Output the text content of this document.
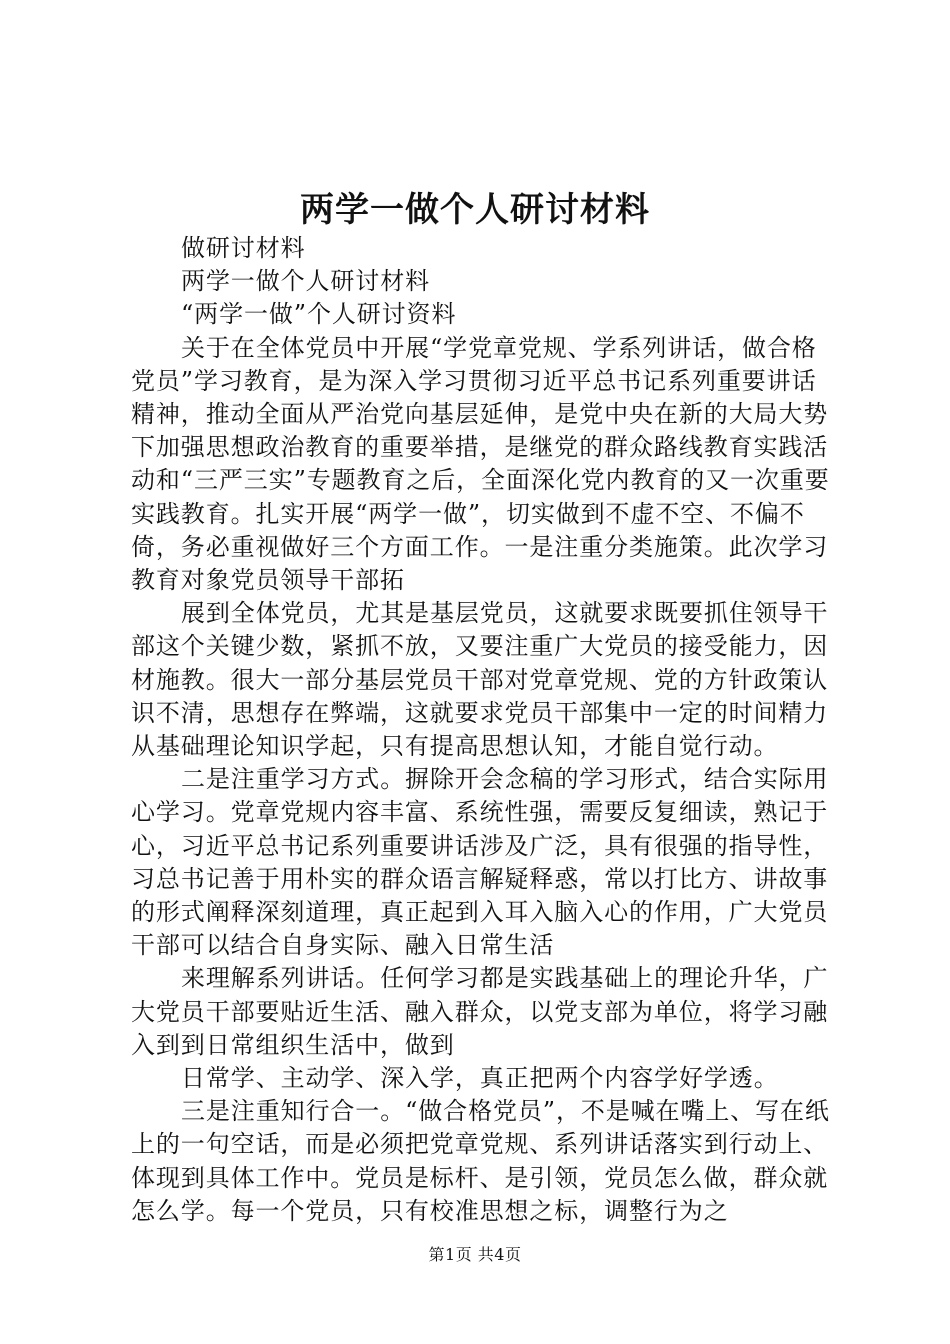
两学一做个人研讨材料

做研讨材料

两学一做个人研讨材料

“两学一做”个人研讨资料

关于在全体党员中开展“学党章党规、学系列讲话，做合格党员”学习教育，是为深入学习贯彻习近平总书记系列重要讲话精神，推动全面从严治党向基层延伸，是党中央在新的大局大势下加强思想政治教育的重要举措，是继党的群众路线教育实践活动和“三严三实”专题教育之后，全面深化党内教育的又一次重要实践教育。扎实开展“两学一做”，切实做到不虚不空、不偏不倚，务必重视做好三个方面工作。一是注重分类施策。此次学习教育对象党员领导干部拓

展到全体党员，尤其是基层党员，这就要求既要抓住领导干部这个关键少数，紧抓不放，又要注重广大党员的接受能力，因材施教。很大一部分基层党员干部对党章党规、党的方针政策认识不清，思想存在弊端，这就要求党员干部集中一定的时间精力从基础理论知识学起，只有提高思想认知，才能自觉行动。

二是注重学习方式。摒除开会念稿的学习形式，结合实际用心学习。党章党规内容丰富、系统性强，需要反复细读，熟记于心，习近平总书记系列重要讲话涉及广泛，具有很强的指导性，习总书记善于用朴实的群众语言解疑释惑，常以打比方、讲故事的形式阐释深刻道理，真正起到入耳入脑入心的作用，广大党员干部可以结合自身实际、融入日常生活

来理解系列讲话。任何学习都是实践基础上的理论升华，广大党员干部要贴近生活、融入群众，以党支部为单位，将学习融入到到日常组织生活中，做到

日常学、主动学、深入学，真正把两个内容学好学透。

三是注重知行合一。“做合格党员”，不是喊在嘴上、写在纸上的一句空话，而是必须把党章党规、系列讲话落实到行动上、体现到具体工作中。党员是标杆、是引领，党员怎么做，群众就怎么学。每一个党员，只有校准思想之标，调整行为之

第1页 共4页
